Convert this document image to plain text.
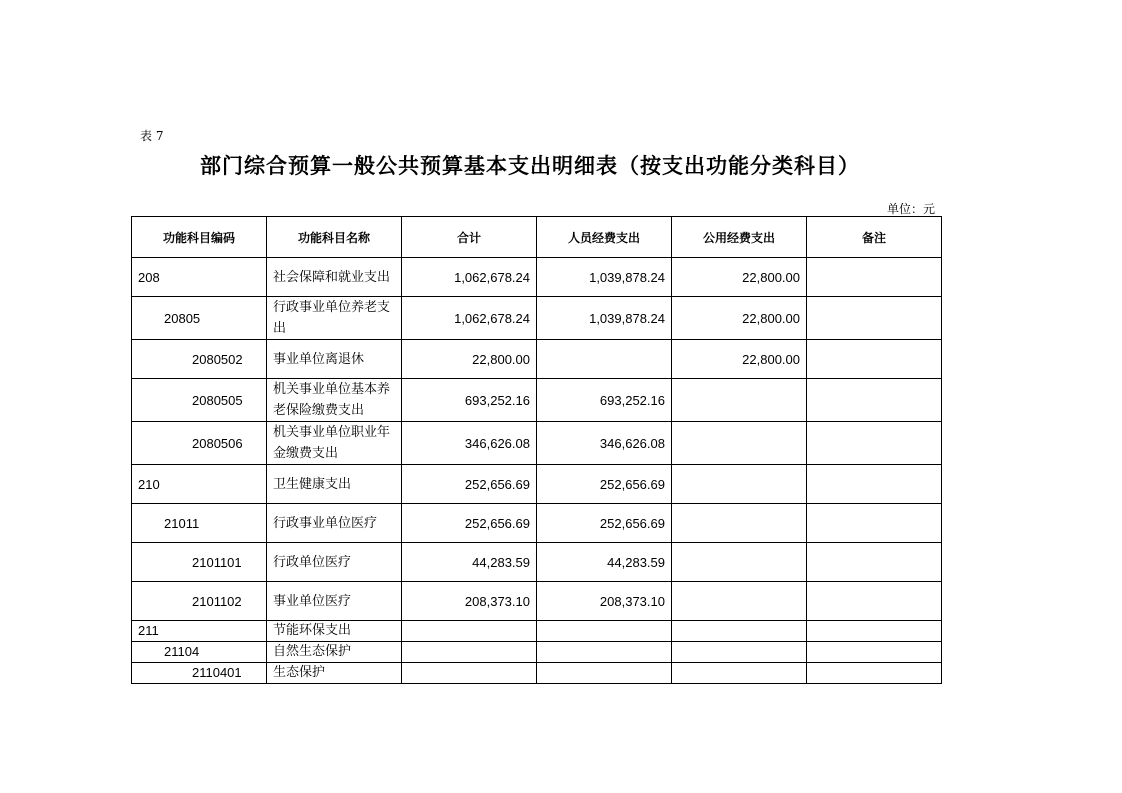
表 7
部门综合预算一般公共预算基本支出明细表（按支出功能分类科目）
单位：元
功能科目编码	功能科目名称	合计	人员经费支出	公用经费支出	备注
208	社会保障和就业支出	1,062,678.24	1,039,878.24	22,800.00	
20805	行政事业单位养老支出	1,062,678.24	1,039,878.24	22,800.00	
2080502	事业单位离退休	22,800.00		22,800.00	
2080505	机关事业单位基本养老保险缴费支出	693,252.16	693,252.16		
2080506	机关事业单位职业年金缴费支出	346,626.08	346,626.08		
210	卫生健康支出	252,656.69	252,656.69		
21011	行政事业单位医疗	252,656.69	252,656.69		
2101101	行政单位医疗	44,283.59	44,283.59		
2101102	事业单位医疗	208,373.10	208,373.10		
211	节能环保支出				
21104	自然生态保护				
2110401	生态保护				
